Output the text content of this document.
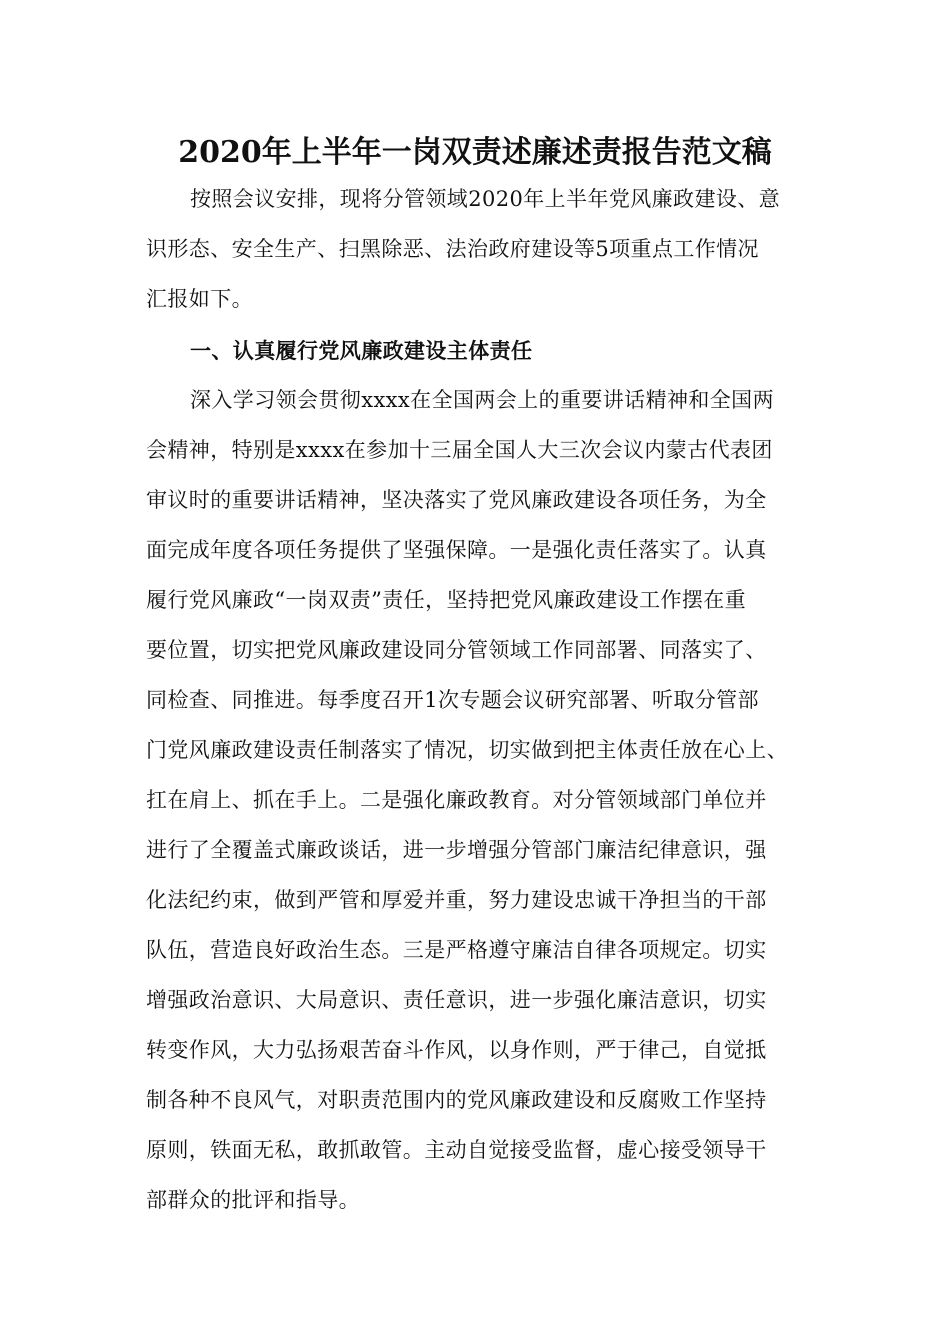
2020年上半年一岗双责述廉述责报告范文稿
按照会议安排，现将分管领域2020年上半年党风廉政建设、意
识形态、安全生产、扫黑除恶、法治政府建设等5项重点工作情况
汇报如下。
一、认真履行党风廉政建设主体责任
深入学习领会贯彻xxxx在全国两会上的重要讲话精神和全国两
会精神，特别是xxxx在参加十三届全国人大三次会议内蒙古代表团
审议时的重要讲话精神，坚决落实了党风廉政建设各项任务，为全
面完成年度各项任务提供了坚强保障。一是强化责任落实了。认真
履行党风廉政“一岗双责”责任，坚持把党风廉政建设工作摆在重
要位置，切实把党风廉政建设同分管领域工作同部署、同落实了、
同检查、同推进。每季度召开1次专题会议研究部署、听取分管部
门党风廉政建设责任制落实了情况，切实做到把主体责任放在心上、
扛在肩上、抓在手上。二是强化廉政教育。对分管领域部门单位并
进行了全覆盖式廉政谈话，进一步增强分管部门廉洁纪律意识，强
化法纪约束，做到严管和厚爱并重，努力建设忠诚干净担当的干部
队伍，营造良好政治生态。三是严格遵守廉洁自律各项规定。切实
增强政治意识、大局意识、责任意识，进一步强化廉洁意识，切实
转变作风，大力弘扬艰苦奋斗作风，以身作则，严于律己，自觉抵
制各种不良风气，对职责范围内的党风廉政建设和反腐败工作坚持
原则，铁面无私，敢抓敢管。主动自觉接受监督，虚心接受领导干
部群众的批评和指导。
